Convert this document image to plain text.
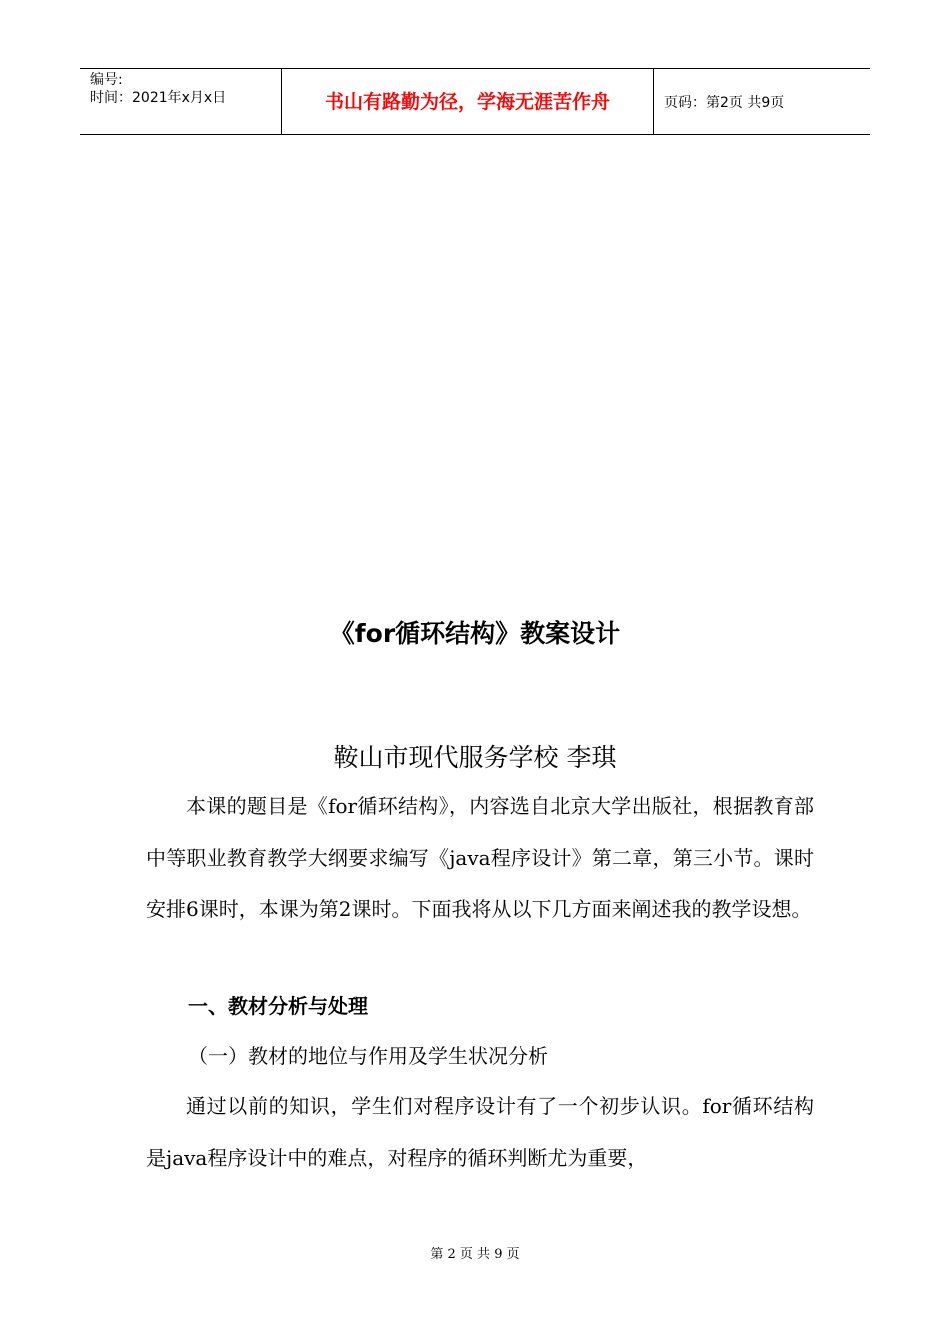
编号:
时间：2021年x月x日	书山有路勤为径，学海无涯苦作舟	页码：第2页 共9页
《for循环结构》教案设计
鞍山市现代服务学校 李琪
本课的题目是《for循环结构》，内容选自北京大学出版社，根据教育部中等职业教育教学大纲要求编写《java程序设计》第二章，第三小节。课时安排6课时，本课为第2课时。下面我将从以下几方面来阐述我的教学设想。
一、教材分析与处理
（一）教材的地位与作用及学生状况分析
通过以前的知识，学生们对程序设计有了一个初步认识。for循环结构是java程序设计中的难点，对程序的循环判断尤为重要，
第 2 页 共 9 页
